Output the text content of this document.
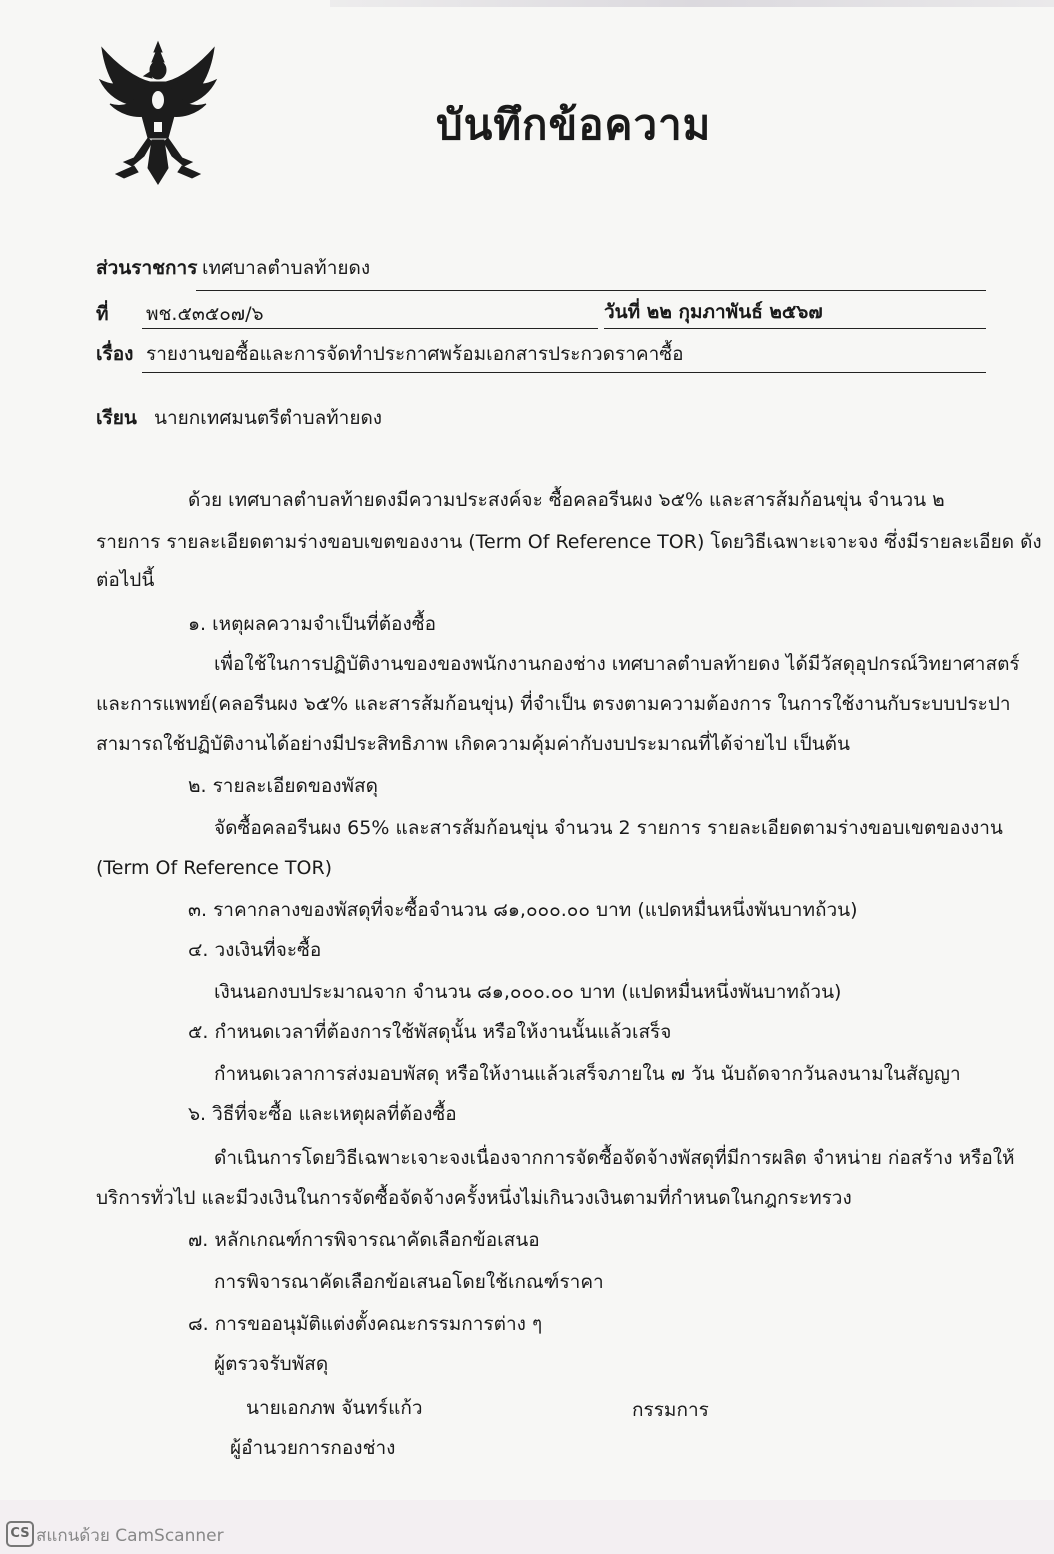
บันทึกข้อความ
ส่วนราชการ เทศบาลตำบลท้ายดง
ที่ พช.๕๓๕๐๗/๖	วันที่ ๒๒ กุมภาพันธ์ ๒๕๖๗
เรื่อง รายงานขอซื้อและการจัดทำประกาศพร้อมเอกสารประกวดราคาซื้อ
เรียน นายกเทศมนตรีตำบลท้ายดง
ด้วย เทศบาลตำบลท้ายดงมีความประสงค์จะ ซื้อคลอรีนผง ๖๕% และสารส้มก้อนขุ่น จำนวน ๒
รายการ รายละเอียดตามร่างขอบเขตของงาน (Term Of Reference TOR) โดยวิธีเฉพาะเจาะจง ซึ่งมีรายละเอียด ดัง
ต่อไปนี้
๑. เหตุผลความจำเป็นที่ต้องซื้อ
เพื่อใช้ในการปฏิบัติงานของของพนักงานกองช่าง เทศบาลตำบลท้ายดง ได้มีวัสดุอุปกรณ์วิทยาศาสตร์
และการแพทย์(คลอรีนผง ๖๕% และสารส้มก้อนขุ่น) ที่จำเป็น ตรงตามความต้องการ ในการใช้งานกับระบบประปา
สามารถใช้ปฏิบัติงานได้อย่างมีประสิทธิภาพ เกิดความคุ้มค่ากับงบประมาณที่ได้จ่ายไป เป็นต้น
๒. รายละเอียดของพัสดุ
จัดซื้อคลอรีนผง 65% และสารส้มก้อนขุ่น จำนวน 2 รายการ รายละเอียดตามร่างขอบเขตของงาน
(Term Of Reference TOR)
๓. ราคากลางของพัสดุที่จะซื้อจำนวน ๘๑,๐๐๐.๐๐ บาท (แปดหมื่นหนึ่งพันบาทถ้วน)
๔. วงเงินที่จะซื้อ
เงินนอกงบประมาณจาก จำนวน ๘๑,๐๐๐.๐๐ บาท (แปดหมื่นหนึ่งพันบาทถ้วน)
๕. กำหนดเวลาที่ต้องการใช้พัสดุนั้น หรือให้งานนั้นแล้วเสร็จ
กำหนดเวลาการส่งมอบพัสดุ หรือให้งานแล้วเสร็จภายใน ๗ วัน นับถัดจากวันลงนามในสัญญา
๖. วิธีที่จะซื้อ และเหตุผลที่ต้องซื้อ
ดำเนินการโดยวิธีเฉพาะเจาะจงเนื่องจากการจัดซื้อจัดจ้างพัสดุที่มีการผลิต จำหน่าย ก่อสร้าง หรือให้
บริการทั่วไป และมีวงเงินในการจัดซื้อจัดจ้างครั้งหนึ่งไม่เกินวงเงินตามที่กำหนดในกฎกระทรวง
๗. หลักเกณฑ์การพิจารณาคัดเลือกข้อเสนอ
การพิจารณาคัดเลือกข้อเสนอโดยใช้เกณฑ์ราคา
๘. การขออนุมัติแต่งตั้งคณะกรรมการต่าง ๆ
ผู้ตรวจรับพัสดุ
นายเอกภพ จันทร์แก้ว	กรรมการ
ผู้อำนวยการกองช่าง
CS สแกนด้วย CamScanner
